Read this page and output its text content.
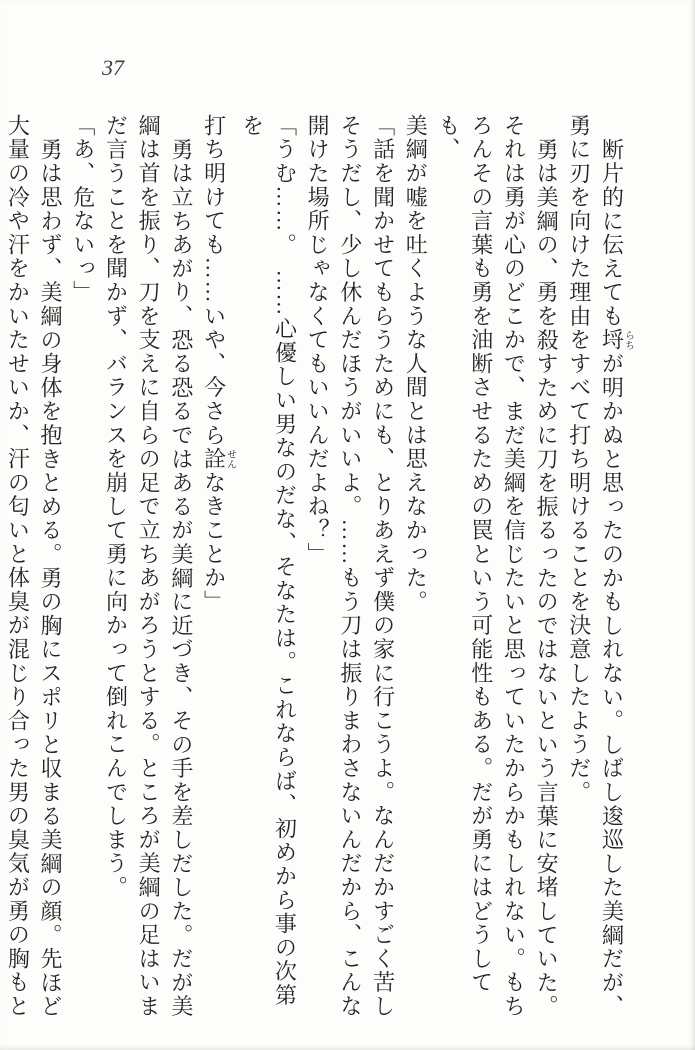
37
断片的に伝えても埒らちが明かぬと思ったのかもしれない。しばし逡巡した美綱だが、
勇に刃を向けた理由をすべて打ち明けることを決意したようだ。
勇は美綱の、勇を殺すために刀を振るったのではないという言葉に安堵していた。
それは勇が心のどこかで、まだ美綱を信じたいと思っていたからかもしれない。もち
ろんその言葉も勇を油断させるための罠という可能性もある。だが勇にはどうしても、
美綱が嘘を吐くような人間とは思えなかった。
「話を聞かせてもらうためにも、とりあえず僕の家に行こうよ。なんだかすごく苦し
そうだし、少し休んだほうがいいよ。……もう刀は振りまわさないんだから、こんな
開けた場所じゃなくてもいいんだよね？」
「うむ……。　……心優しい男なのだな、そなたは。これならば、初めから事の次第を
打ち明けても……いや、今さら詮せんなきことか」
勇は立ちあがり、恐る恐るではあるが美綱に近づき、その手を差しだした。だが美
綱は首を振り、刀を支えに自らの足で立ちあがろうとする。ところが美綱の足はいま
だ言うことを聞かず、バランスを崩して勇に向かって倒れこんでしまう。
「あ、危ないっ」
勇は思わず、美綱の身体を抱きとめる。勇の胸にスポリと収まる美綱の顔。先ほど
大量の冷や汗をかいたせいか、汗の匂いと体臭が混じり合った男の臭気が勇の胸もと
